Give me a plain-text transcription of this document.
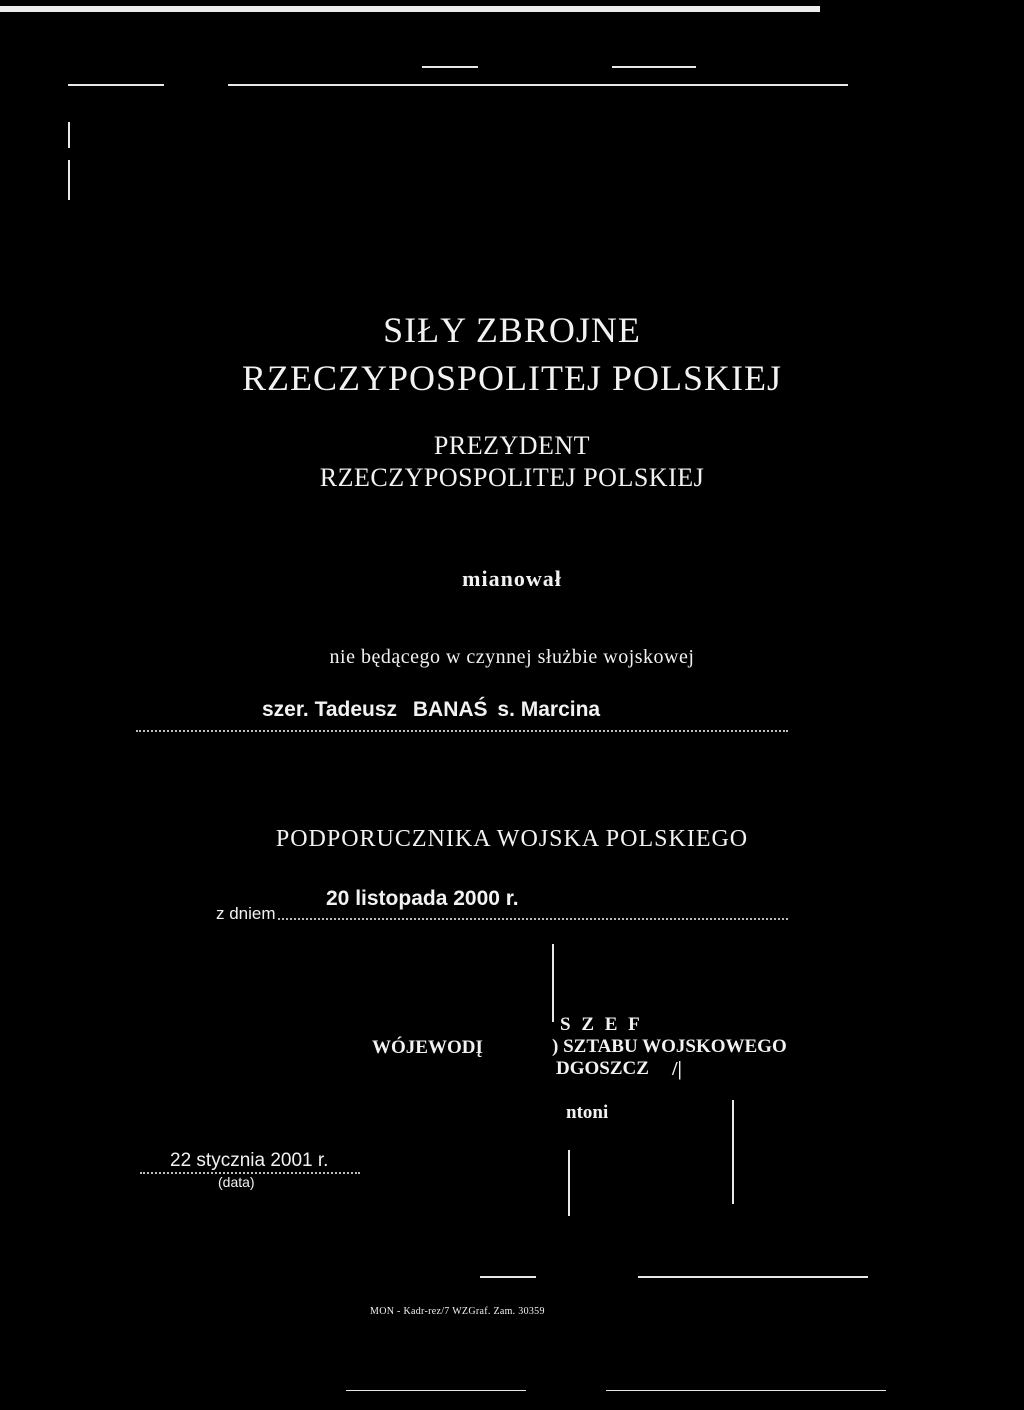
SIŁY ZBROJNE
RZECZYPOSPOLITEJ POLSKIEJ
PREZYDENT
RZECZYPOSPOLITEJ POLSKIEJ
mianował
nie będącego w czynnej służbie wojskowej
szer. Tadeusz BANAŚ s. Marcina
PODPORUCZNIKA WOJSKA POLSKIEGO
z dniem
20 listopada 2000 r.
S Z E F
WÓJEWODĮ	) SZTABU WOJSKOWEGO
DGOSZCZ /|
ntoni
22 stycznia 2001 r.
(data)
MON - Kadr-rez/7 WZGraf. Zam. 30359
